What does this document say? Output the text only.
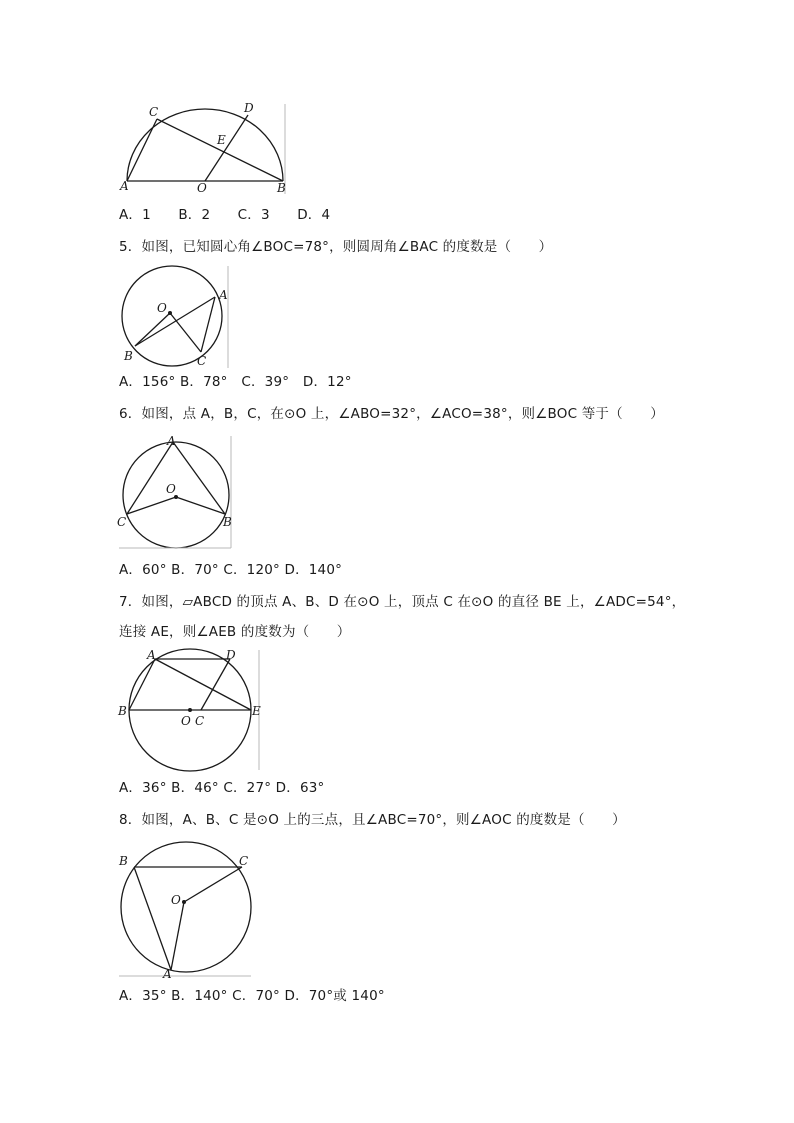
C	D
E
A	O	B

A．1　　B．2　　C．3　　D．4

5．如图，已知圆心角∠BOC=78°，则圆周角∠BAC 的度数是（　　）

O
A
B	C

A．156° B．78°　C．39°　D．12°

6．如图，点 A，B，C，在⊙O 上，∠ABO=32°，∠ACO=38°，则∠BOC 等于（　　）

A
O
C	B

A．60° B．70° C．120° D．140°

7．如图，▱ABCD 的顶点 A、B、D 在⊙O 上，顶点 C 在⊙O 的直径 BE 上，∠ADC=54°，

连接 AE，则∠AEB 的度数为（　　）

A	D
B	E
O C

A．36° B．46° C．27° D．63°

8．如图，A、B、C 是⊙O 上的三点，且∠ABC=70°，则∠AOC 的度数是（　　）

B	C
O
A

A．35° B．140° C．70° D．70°或 140°
